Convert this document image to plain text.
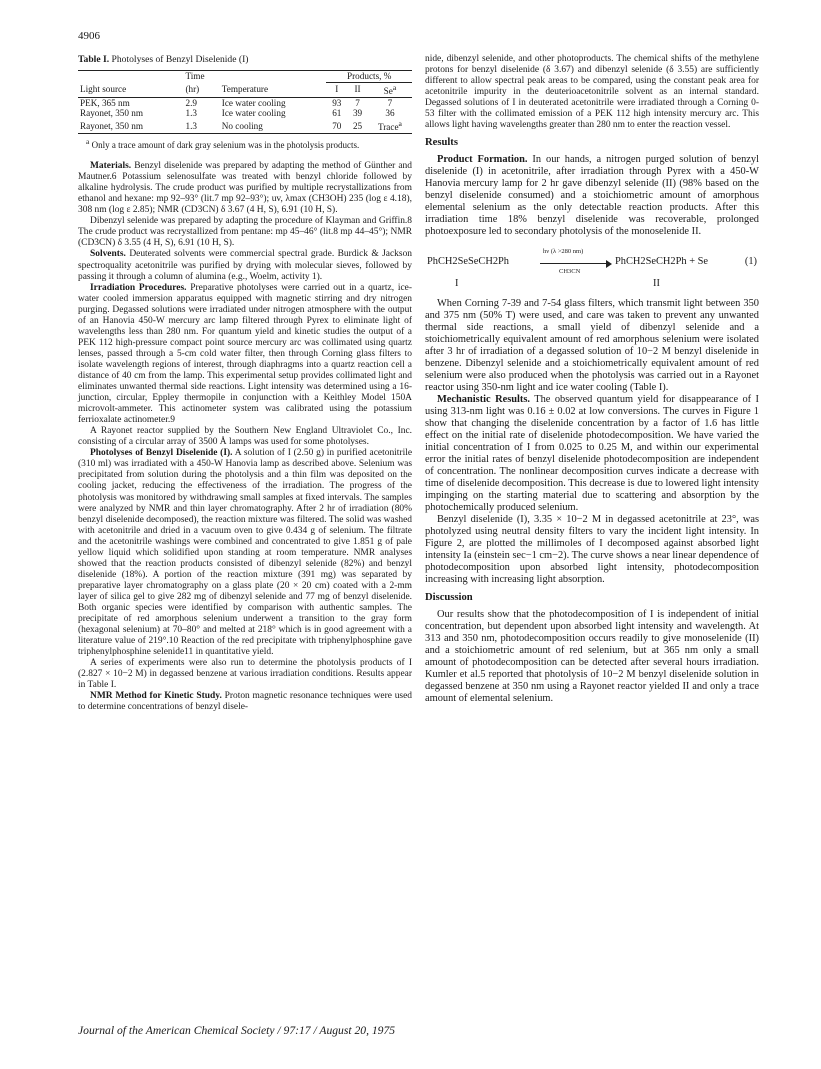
4906

Table I. Photolyses of Benzyl Diselenide (I)

	Time		Products, %		
Light source	(hr)	Temperature	I	II	Se$^a$
PEK, 365 nm	2.9	Ice water cooling	93	7	7
Rayonet, 350 nm	1.3	Ice water cooling	61	39	36
Rayonet, 350 nm	1.3	No cooling	70	25	Trace$^a$

$^a$ Only a trace amount of dark gray selenium was in the photolysis products.

Materials. Benzyl diselenide was prepared by adapting the method of Günther and Mautner.6 Potassium selenosulfate was treated with benzyl chloride followed by alkaline hydrolysis. The crude product was purified by multiple recrystallizations from ethanol and hexane: mp 92–93° (lit.7 mp 92–93°); uv, λmax (CH3OH) 235 (log ε 4.18), 308 nm (log ε 2.85); NMR (CD3CN) δ 3.67 (4 H, S), 6.91 (10 H, S).

Dibenzyl selenide was prepared by adapting the procedure of Klayman and Griffin.8 The crude product was recrystallized from pentane: mp 45–46° (lit.8 mp 44–45°); NMR (CD3CN) δ 3.55 (4 H, S), 6.91 (10 H, S).

Solvents. Deuterated solvents were commercial spectral grade. Burdick & Jackson spectroquality acetonitrile was purified by drying with molecular sieves, followed by passing it through a column of alumina (e.g., Woelm, activity 1).

Irradiation Procedures. Preparative photolyses were carried out in a quartz, ice-water cooled immersion apparatus equipped with magnetic stirring and dry nitrogen purging. Degassed solutions were irradiated under nitrogen atmosphere with the output of an Hanovia 450-W mercury arc lamp filtered through Pyrex to eliminate light of wavelengths less than 280 nm. For quantum yield and kinetic studies the output of a PEK 112 high-pressure compact point source mercury arc was collimated using quartz lenses, passed through a 5-cm cold water filter, then through Corning glass filters to isolate wavelength regions of interest, through diaphragms into a quartz reaction cell a distance of 40 cm from the lamp. This experimental setup provides collimated light and eliminates unwanted thermal side reactions. Light intensity was determined using a 16-junction, circular, Eppley thermopile in conjunction with a Keithley Model 150A microvolt-ammeter. This actinometer system was calibrated using the potassium ferrioxalate actinometer.9

A Rayonet reactor supplied by the Southern New England Ultraviolet Co., Inc. consisting of a circular array of 3500 Å lamps was used for some photolyses.

Photolyses of Benzyl Diselenide (I). A solution of I (2.50 g) in purified acetonitrile (310 ml) was irradiated with a 450-W Hanovia lamp as described above. Selenium was precipitated from solution during the photolysis and a thin film was deposited on the cooling jacket, reducing the effectiveness of the irradiation. The progress of the photolysis was monitored by withdrawing small samples at fixed intervals. The samples were analyzed by NMR and thin layer chromatography. After 2 hr of irradiation (80% benzyl diselenide decomposed), the reaction mixture was filtered. The solid was washed with acetonitrile and dried in a vacuum oven to give 0.434 g of selenium. The filtrate and the acetonitrile washings were combined and concentrated to give 1.851 g of pale yellow liquid which solidified upon standing at room temperature. NMR analyses showed that the reaction products consisted of dibenzyl selenide (82%) and benzyl diselenide (18%). A portion of the reaction mixture (391 mg) was separated by preparative layer chromatography on a glass plate (20 × 20 cm) coated with a 2-mm layer of silica gel to give 282 mg of dibenzyl selenide and 77 mg of benzyl diselenide. Both organic species were identified by comparison with authentic samples. The precipitate of red amorphous selenium underwent a transition to the gray form (hexagonal selenium) at 70–80° and melted at 218° which is in good agreement with a literature value of 219°.10 Reaction of the red precipitate with triphenylphosphine gave triphenylphosphine selenide11 in quantitative yield.

A series of experiments were also run to determine the photolysis products of I (2.827 × 10−2 M) in degassed benzene at various irradiation conditions. Results appear in Table I.

NMR Method for Kinetic Study. Proton magnetic resonance techniques were used to determine concentrations of benzyl disele-

nide, dibenzyl selenide, and other photoproducts. The chemical shifts of the methylene protons for benzyl diselenide (δ 3.67) and dibenzyl selenide (δ 3.55) are sufficiently different to allow spectral peak areas to be compared, using the constant peak area for acetonitrile impurity in the deuterioacetonitrile solvent as an internal standard. Degassed solutions of I in deuterated acetonitrile were irradiated through a Corning 0-53 filter with the collimated emission of a PEK 112 high intensity mercury arc. This allows light having wavelengths greater than 280 nm to enter the reaction vessel.

Results

Product Formation. In our hands, a nitrogen purged solution of benzyl diselenide (I) in acetonitrile, after irradiation through Pyrex with a 450-W Hanovia mercury lamp for 2 hr gave dibenzyl selenide (II) (98% based on the benzyl diselenide consumed) and a stoichiometric amount of amorphous elemental selenium as the only detectable reaction products. After this irradiation time 18% benzyl diselenide was recoverable, prolonged photoexposure led to secondary photolysis of the monoselenide II.

PhCH2SeSeCH2Ph
hν (λ >280 nm)
CH3CN
PhCH2SeCH2Ph + Se	(1)
I	II

When Corning 7-39 and 7-54 glass filters, which transmit light between 350 and 375 nm (50% T) were used, and care was taken to prevent any unwanted thermal side reactions, a small yield of dibenzyl selenide and a stoichiometrically equivalent amount of red amorphous selenium were isolated after 3 hr of irradiation of a degassed solution of 10−2 M benzyl diselenide in benzene. Dibenzyl selenide and a stoichiometrically equivalent amount of red selenium were also produced when the photolysis was carried out in a Rayonet reactor using 350-nm light and ice water cooling (Table I).

Mechanistic Results. The observed quantum yield for disappearance of I using 313-nm light was 0.16 ± 0.02 at low conversions. The curves in Figure 1 show that changing the diselenide concentration by a factor of 1.6 has little effect on the initial rate of diselenide photodecomposition. We have varied the initial concentration of I from 0.025 to 0.25 M, and within our experimental error the initial rates of benzyl diselenide photodecomposition are independent of concentration. The nonlinear decomposition curves indicate a decrease with time of diselenide decomposition. This decrease is due to lowered light intensity impinging on the starting material due to scattering and absorption by the photochemically produced selenium.

Benzyl diselenide (I), 3.35 × 10−2 M in degassed acetonitrile at 23°, was photolyzed using neutral density filters to vary the incident light intensity. In Figure 2, are plotted the millimoles of I decomposed against absorbed light intensity Ia (einstein sec−1 cm−2). The curve shows a near linear dependence of photodecomposition upon absorbed light intensity, photodecomposition increasing with increasing light absorption.

Discussion

Our results show that the photodecomposition of I is independent of initial concentration, but dependent upon absorbed light intensity and wavelength. At 313 and 350 nm, photodecomposition occurs readily to give monoselenide (II) and a stoichiometric amount of red selenium, but at 365 nm only a small amount of photodecomposition can be detected after several hours irradiation. Kumler et al.5 reported that photolysis of 10−2 M benzyl diselenide solution in degassed benzene at 350 nm using a Rayonet reactor yielded II and only a trace amount of elemental selenium.

Journal of the American Chemical Society / 97:17 / August 20, 1975
